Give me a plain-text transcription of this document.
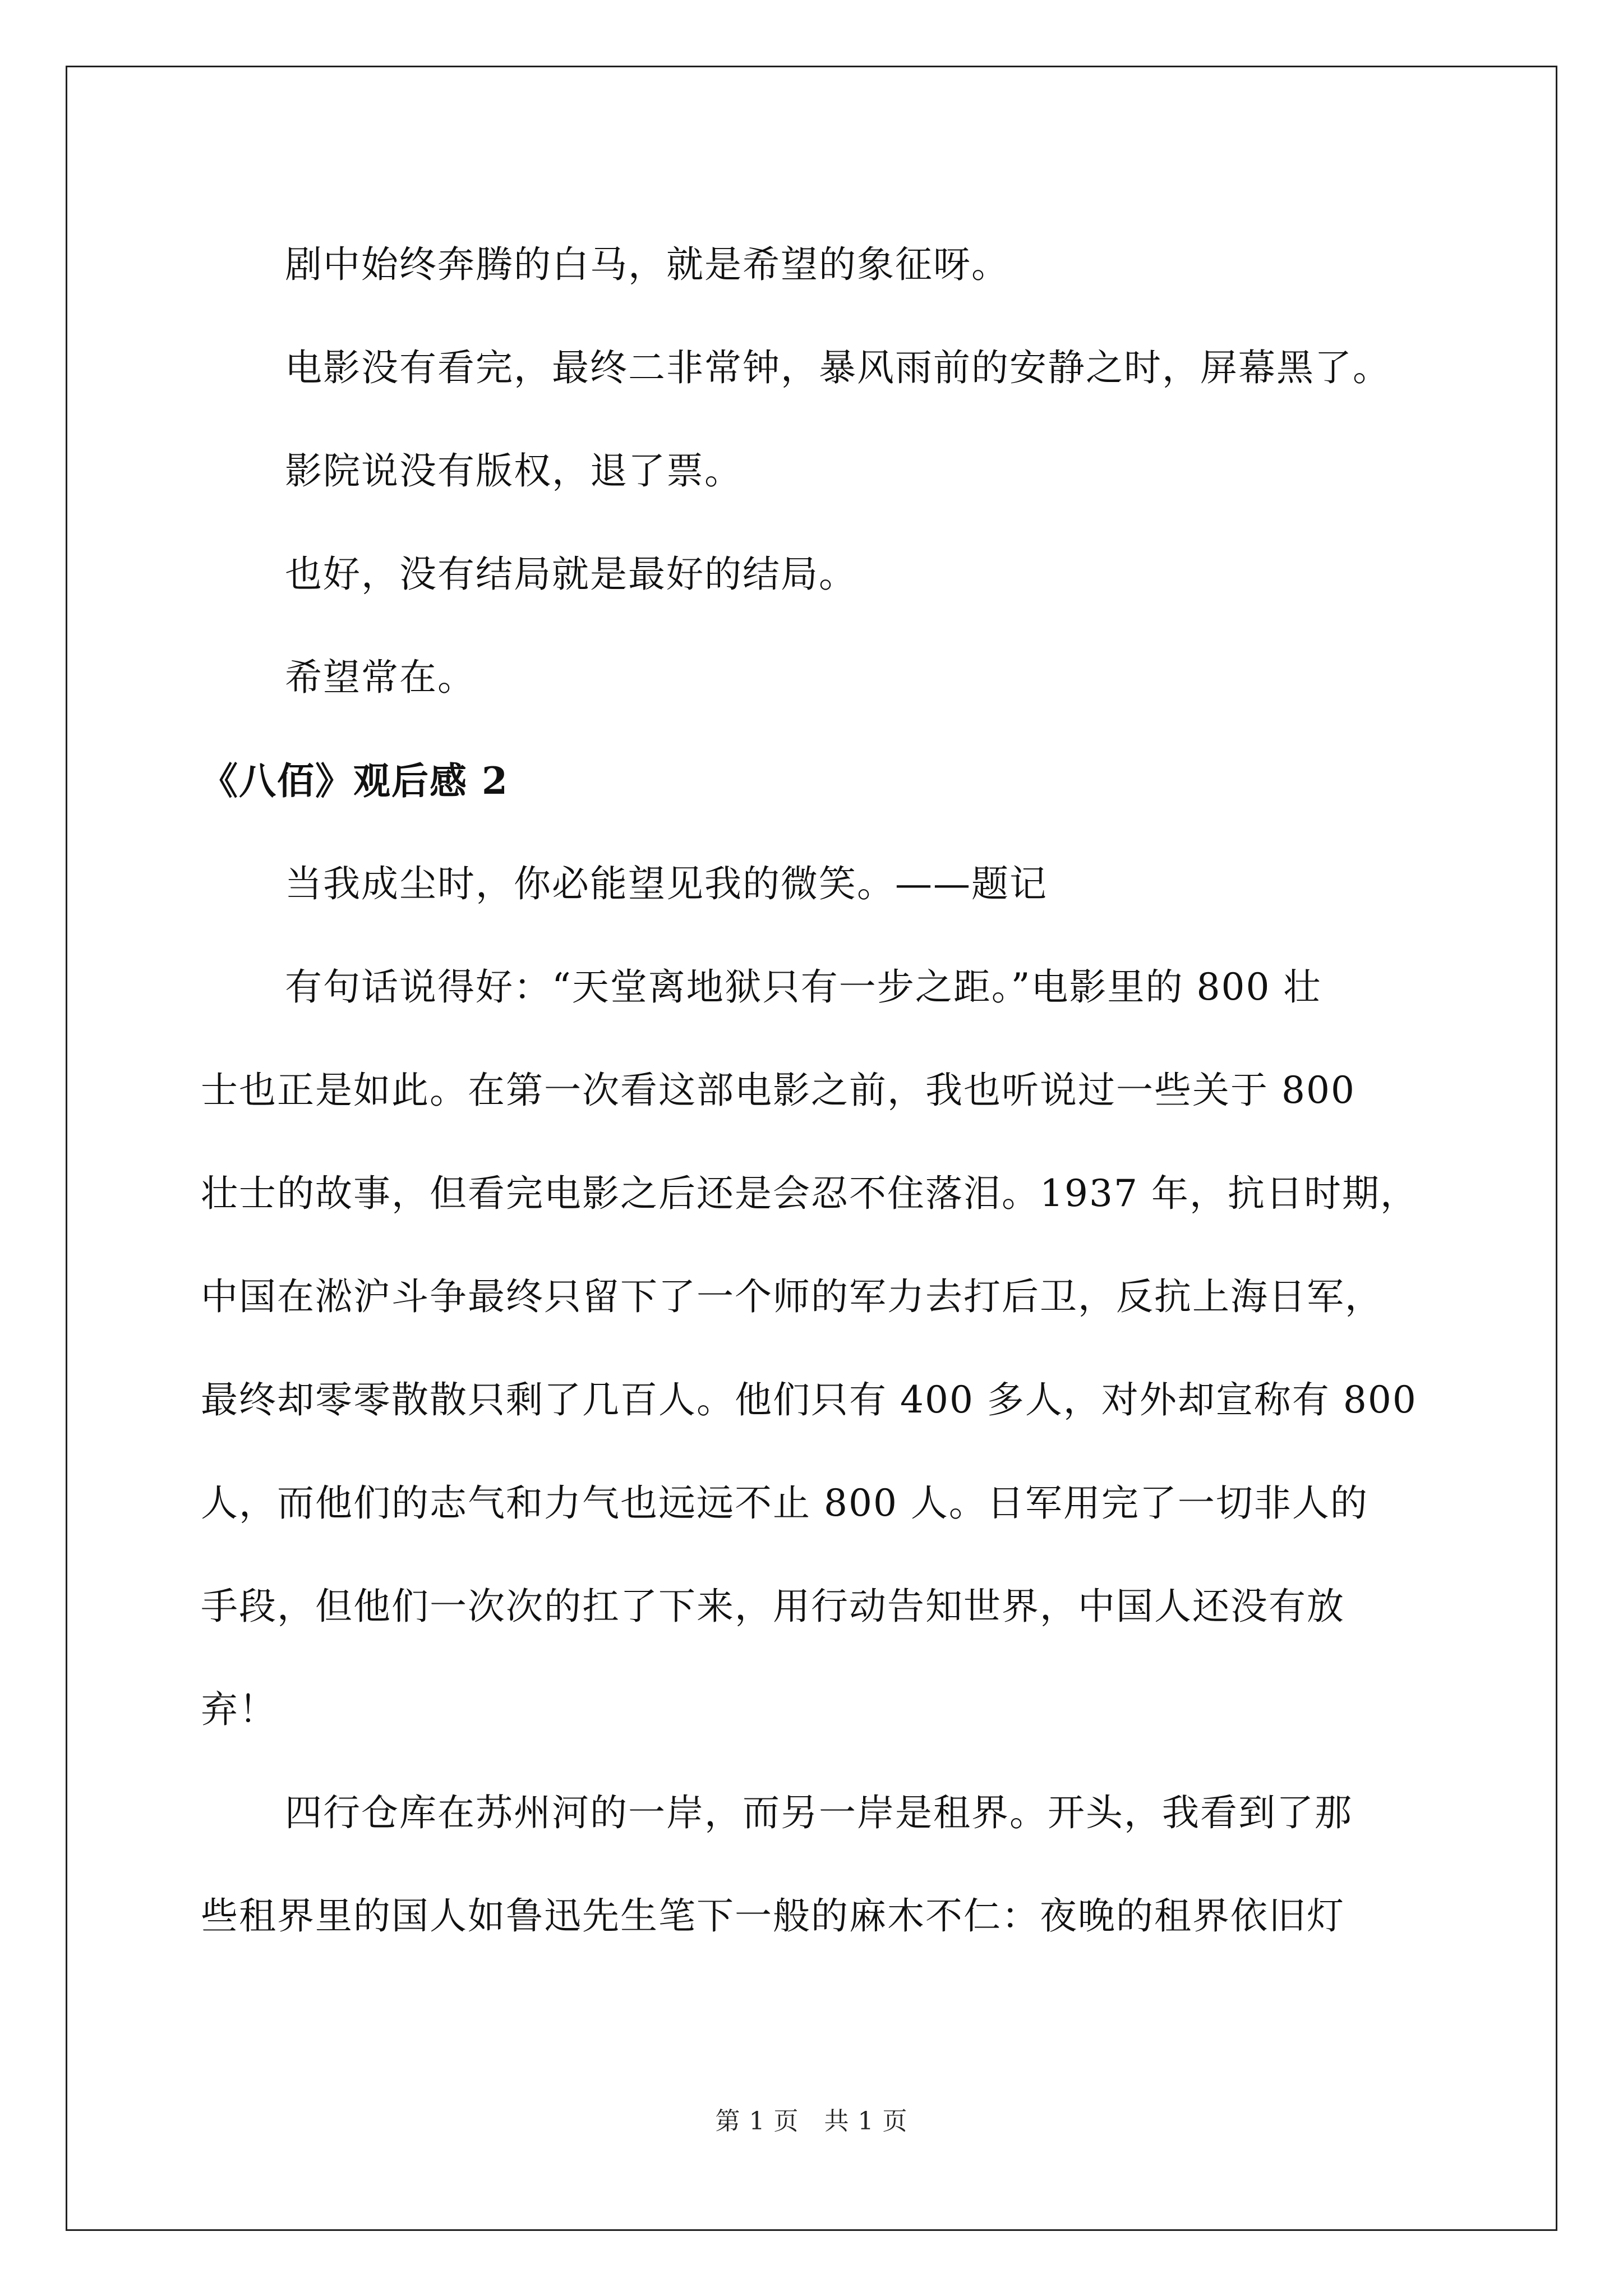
剧中始终奔腾的白马，就是希望的象征呀。

电影没有看完，最终二非常钟，暴风雨前的安静之时，屏幕黑了。

影院说没有版权，退了票。

也好，没有结局就是最好的结局。

希望常在。

《八佰》观后感 2

当我成尘时，你必能望见我的微笑。——题记

有句话说得好：“天堂离地狱只有一步之距。”电影里的 800 壮

士也正是如此。在第一次看这部电影之前，我也听说过一些关于 800

壮士的故事，但看完电影之后还是会忍不住落泪。1937 年，抗日时期，

中国在淞沪斗争最终只留下了一个师的军力去打后卫，反抗上海日军，

最终却零零散散只剩了几百人。他们只有 400 多人，对外却宣称有 800

人，而他们的志气和力气也远远不止 800 人。日军用完了一切非人的

手段，但他们一次次的扛了下来，用行动告知世界，中国人还没有放

弃！

四行仓库在苏州河的一岸，而另一岸是租界。开头，我看到了那

些租界里的国人如鲁迅先生笔下一般的麻木不仁：夜晚的租界依旧灯

第 1 页　共 1 页
